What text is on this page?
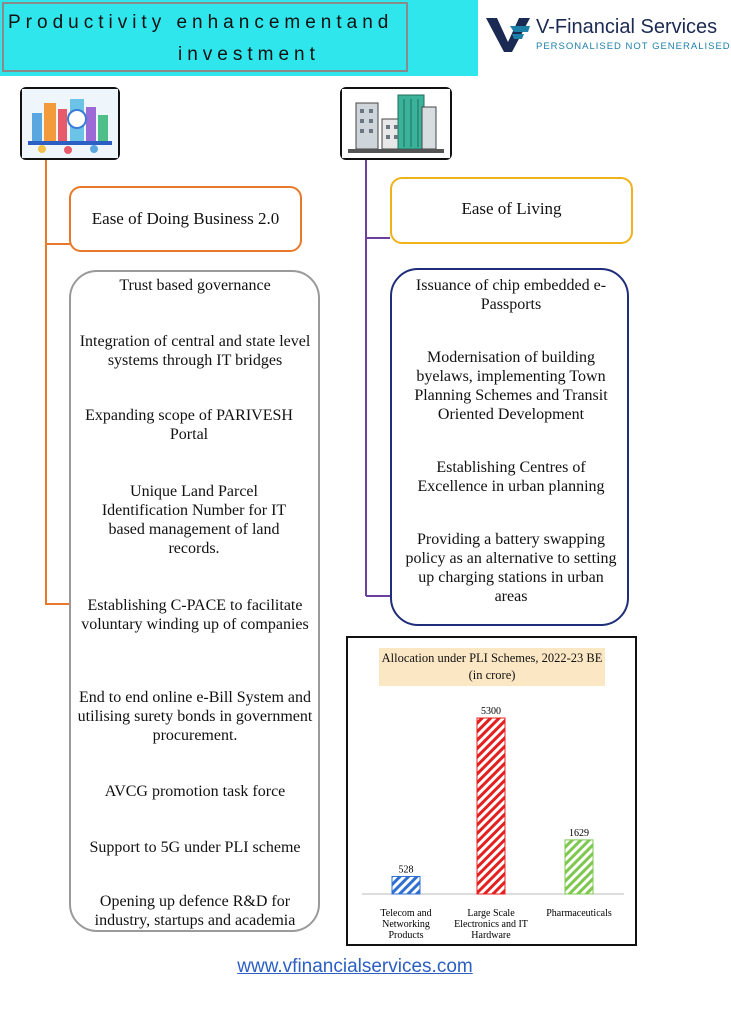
Productivity enhancementand
investment
V-Financial Services
PERSONALISED NOT GENERALISED
Ease of Doing Business 2.0
Ease of Living
Trust based governance
Integration of central and state level systems through IT bridges
Expanding scope of PARIVESH Portal
Unique Land Parcel Identification Number for IT based management of land records.
Establishing C-PACE to facilitate voluntary winding up of companies
End to end online e-Bill System and utilising surety bonds in government procurement.
AVCG promotion task force
Support to 5G under PLI scheme
Opening up defence R&D for industry, startups and academia
Issuance of chip embedded e-Passports
Modernisation of building byelaws, implementing Town Planning Schemes and Transit Oriented Development
Establishing Centres of Excellence in urban planning
Providing a battery swapping policy as an alternative to setting up charging stations in urban areas
Allocation under PLI Schemes, 2022-23 BE (in crore)
528
5300
1629
Telecom and Networking Products
Large Scale Electronics and IT Hardware
Pharmaceuticals
www.vfinancialservices.com
